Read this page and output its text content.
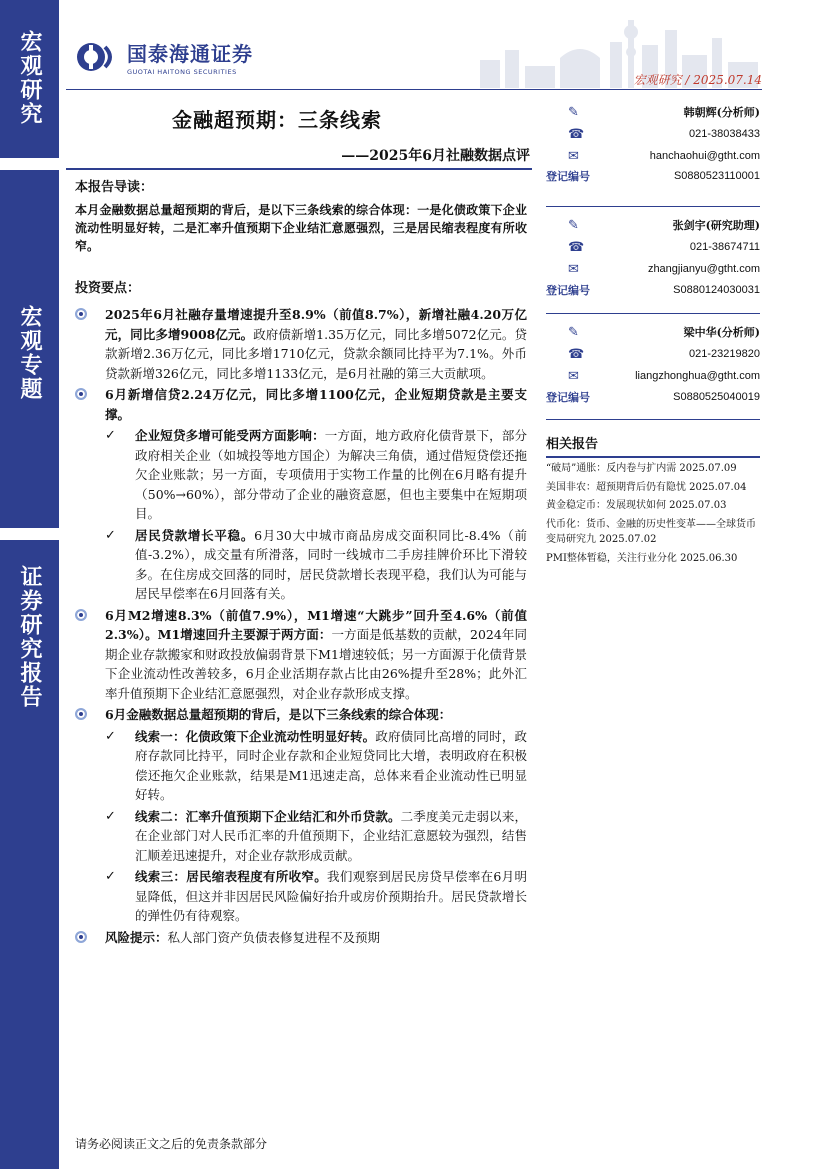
宏观研究
宏观专题
证券研究报告
国泰海通证券
GUOTAI HAITONG SECURITIES
宏观研究 / 2025.07.14
金融超预期：三条线索
——2025年6月社融数据点评
本报告导读：
本月金融数据总量超预期的背后，是以下三条线索的综合体现：一是化债政策下企业流动性明显好转，二是汇率升值预期下企业结汇意愿强烈，三是居民缩表程度有所收窄。
投资要点：
2025年6月社融存量增速提升至8.9%（前值8.7%），新增社融4.20万亿元，同比多增9008亿元。政府债新增1.35万亿元，同比多增5072亿元。贷款新增2.36万亿元，同比多增1710亿元，贷款余额同比持平为7.1%。外币贷款新增326亿元，同比多增1133亿元，是6月社融的第三大贡献项。
6月新增信贷2.24万亿元，同比多增1100亿元，企业短期贷款是主要支撑。
✓ 企业短贷多增可能受两方面影响：一方面，地方政府化债背景下，部分政府相关企业（如城投等地方国企）为解决三角债，通过借短贷偿还拖欠企业账款；另一方面，专项债用于实物工作量的比例在6月略有提升（50%→60%），部分带动了企业的融资意愿，但也主要集中在短期项目。
✓ 居民贷款增长平稳。6月30大中城市商品房成交面积同比-8.4%（前值-3.2%），成交量有所滑落，同时一线城市二手房挂牌价环比下滑较多。在住房成交回落的同时，居民贷款增长表现平稳，我们认为可能与居民早偿率在6月回落有关。
6月M2增速8.3%（前值7.9%），M1增速“大跳步”回升至4.6%（前值2.3%）。M1增速回升主要源于两方面：一方面是低基数的贡献，2024年同期企业存款搬家和财政投放偏弱背景下M1增速较低；另一方面源于化债背景下企业流动性改善较多，6月企业活期存款占比由26%提升至28%；此外汇率升值预期下企业结汇意愿强烈，对企业存款形成支撑。
6月金融数据总量超预期的背后，是以下三条线索的综合体现：
✓ 线索一：化债政策下企业流动性明显好转。政府债同比高增的同时，政府存款同比持平，同时企业存款和企业短贷同比大增，表明政府在积极偿还拖欠企业账款，结果是M1迅速走高，总体来看企业流动性已明显好转。
✓ 线索二：汇率升值预期下企业结汇和外币贷款。二季度美元走弱以来，在企业部门对人民币汇率的升值预期下，企业结汇意愿较为强烈，结售汇顺差迅速提升，对企业存款形成贡献。
✓ 线索三：居民缩表程度有所收窄。我们观察到居民房贷早偿率在6月明显降低，但这并非因居民风险偏好抬升或房价预期抬升。居民贷款增长的弹性仍有待观察。
风险提示：私人部门资产负债表修复进程不及预期
✎	韩朝辉(分析师)
☎	021-38038433
✉	hanchaohui@gtht.com
登记编号	S0880523110001
✎	张剑宇(研究助理)
☎	021-38674711
✉	zhangjianyu@gtht.com
登记编号	S0880124030031
✎	梁中华(分析师)
☎	021-23219820
✉	liangzhonghua@gtht.com
登记编号	S0880525040019
相关报告
“破局”通胀：反内卷与扩内需 2025.07.09
美国非农：超预期背后仍有隐忧 2025.07.04
黄金稳定币：发展现状如何 2025.07.03
代币化：货币、金融的历史性变革——全球货币变局研究九 2025.07.02
PMI整体暂稳，关注行业分化 2025.06.30
请务必阅读正文之后的免责条款部分
